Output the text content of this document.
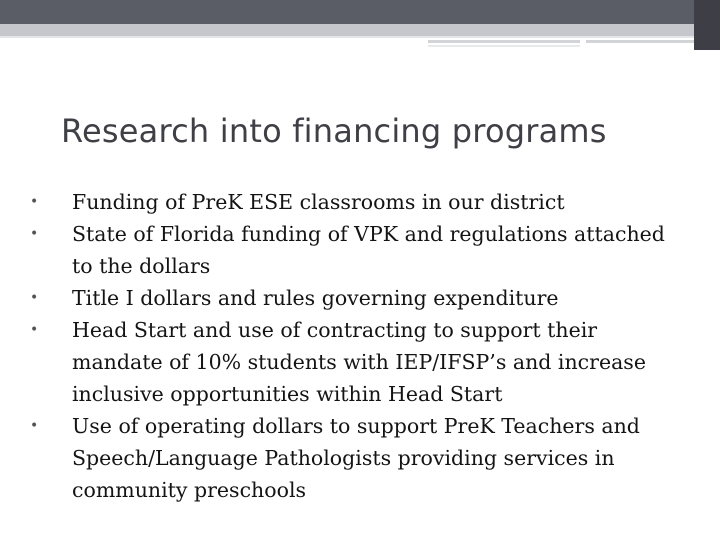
Research into financing programs
• Funding of PreK ESE classrooms in our district
• State of Florida funding of VPK and regulations attached to the dollars
• Title I dollars and rules governing expenditure
• Head Start and use of contracting to support their mandate of 10% students with IEP/IFSP’s and increase inclusive opportunities within Head Start
• Use of operating dollars to support PreK Teachers and Speech/Language Pathologists providing services in community preschools
